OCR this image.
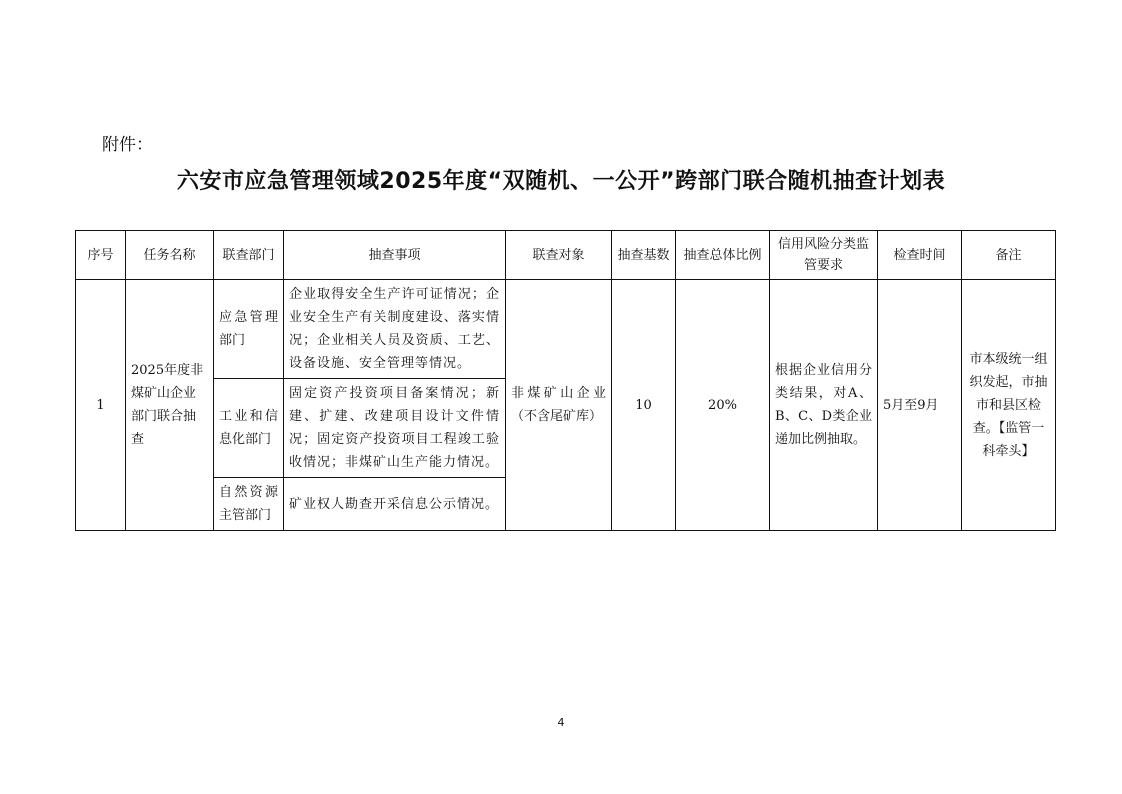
附件：
六安市应急管理领域2025年度“双随机、一公开”跨部门联合随机抽查计划表
序号	任务名称	联查部门	抽查事项	联查对象	抽查基数	抽查总体比例	信用风险分类监管要求	检查时间	备注
1	2025年度非煤矿山企业部门联合抽查	应急管理部门	企业取得安全生产许可证情况；企业安全生产有关制度建设、落实情况；企业相关人员及资质、工艺、设备设施、安全管理等情况。	非煤矿山企业（不含尾矿库）	10	20%	根据企业信用分类结果，对A、B、C、D类企业递加比例抽取。	5月至9月	市本级统一组织发起，市抽市和县区检查。【监管一科牵头】
		工业和信息化部门	固定资产投资项目备案情况；新建、扩建、改建项目设计文件情况；固定资产投资项目工程竣工验收情况；非煤矿山生产能力情况。						
		自然资源主管部门	矿业权人勘查开采信息公示情况。						
4
